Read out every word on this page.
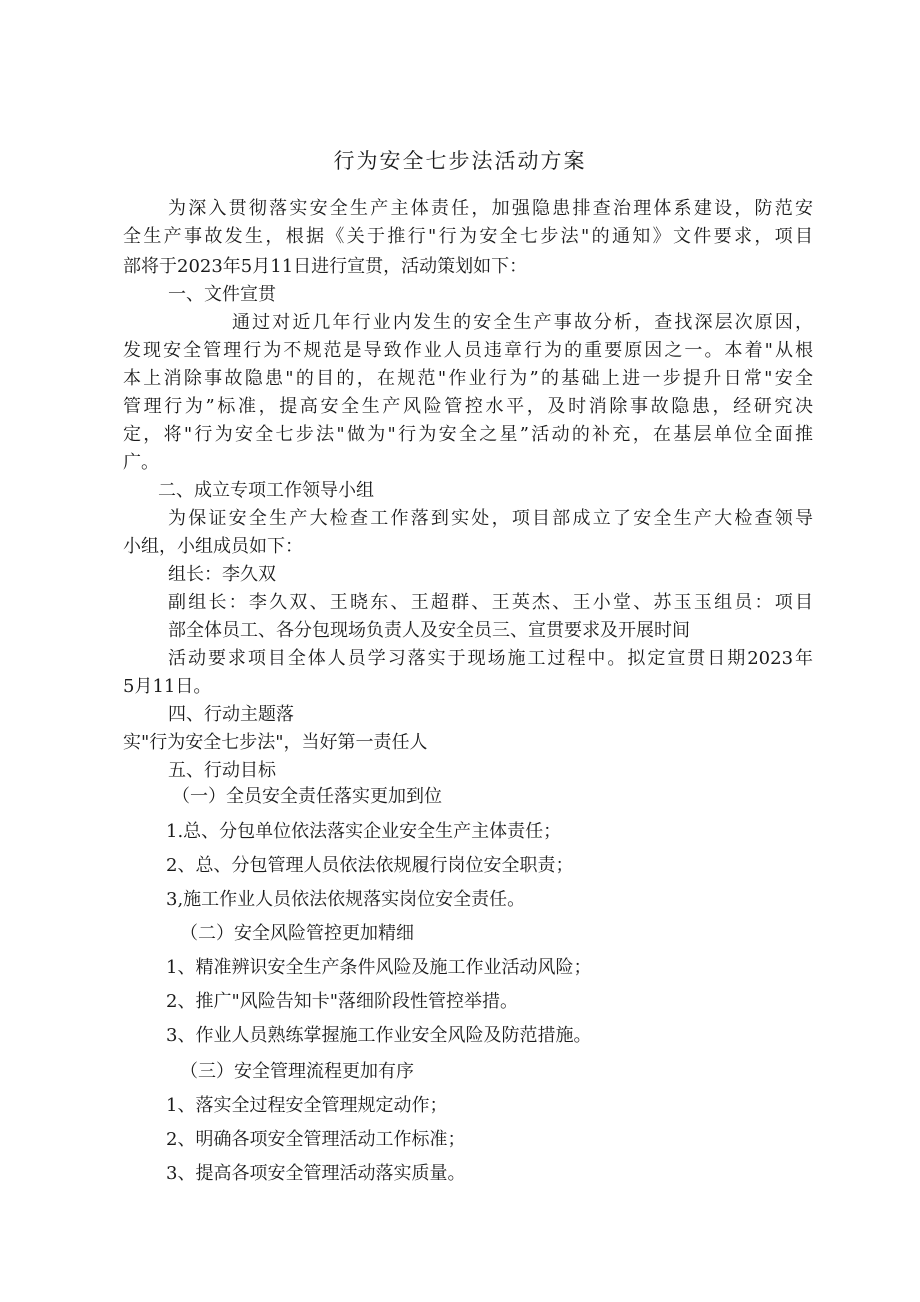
行为安全七步法活动方案
为深入贯彻落实安全生产主体责任，加强隐患排查治理体系建设，防范安
全生产事故发生，根据《关于推行"行为安全七步法"的通知》文件要求，项目
部将于2023年5月11日进行宣贯，活动策划如下：
一、文件宣贯
通过对近几年行业内发生的安全生产事故分析，查找深层次原因，
发现安全管理行为不规范是导致作业人员违章行为的重要原因之一。本着"从根
本上消除事故隐患"的目的，在规范"作业行为”的基础上进一步提升日常"安全
管理行为”标准，提高安全生产风险管控水平，及时消除事故隐患，经研究决
定，将"行为安全七步法"做为"行为安全之星”活动的补充，在基层单位全面推
广。
二、成立专项工作领导小组
为保证安全生产大检查工作落到实处，项目部成立了安全生产大检查领导
小组，小组成员如下：
组长：李久双
副组长：李久双、王晓东、王超群、王英杰、王小堂、苏玉玉组员：项目
部全体员工、各分包现场负责人及安全员三、宣贯要求及开展时间
活动要求项目全体人员学习落实于现场施工过程中。拟定宣贯日期2023年
5月11日。
四、行动主题落
实"行为安全七步法"，当好第一责任人
五、行动目标
（一）全员安全责任落实更加到位
1.总、分包单位依法落实企业安全生产主体责任；
2、总、分包管理人员依法依规履行岗位安全职责；
3,施工作业人员依法依规落实岗位安全责任。
（二）安全风险管控更加精细
1、精准辨识安全生产条件风险及施工作业活动风险；
2、推广"风险告知卡"落细阶段性管控举措。
3、作业人员熟练掌握施工作业安全风险及防范措施。
（三）安全管理流程更加有序
1、落实全过程安全管理规定动作；
2、明确各项安全管理活动工作标准；
3、提高各项安全管理活动落实质量。
